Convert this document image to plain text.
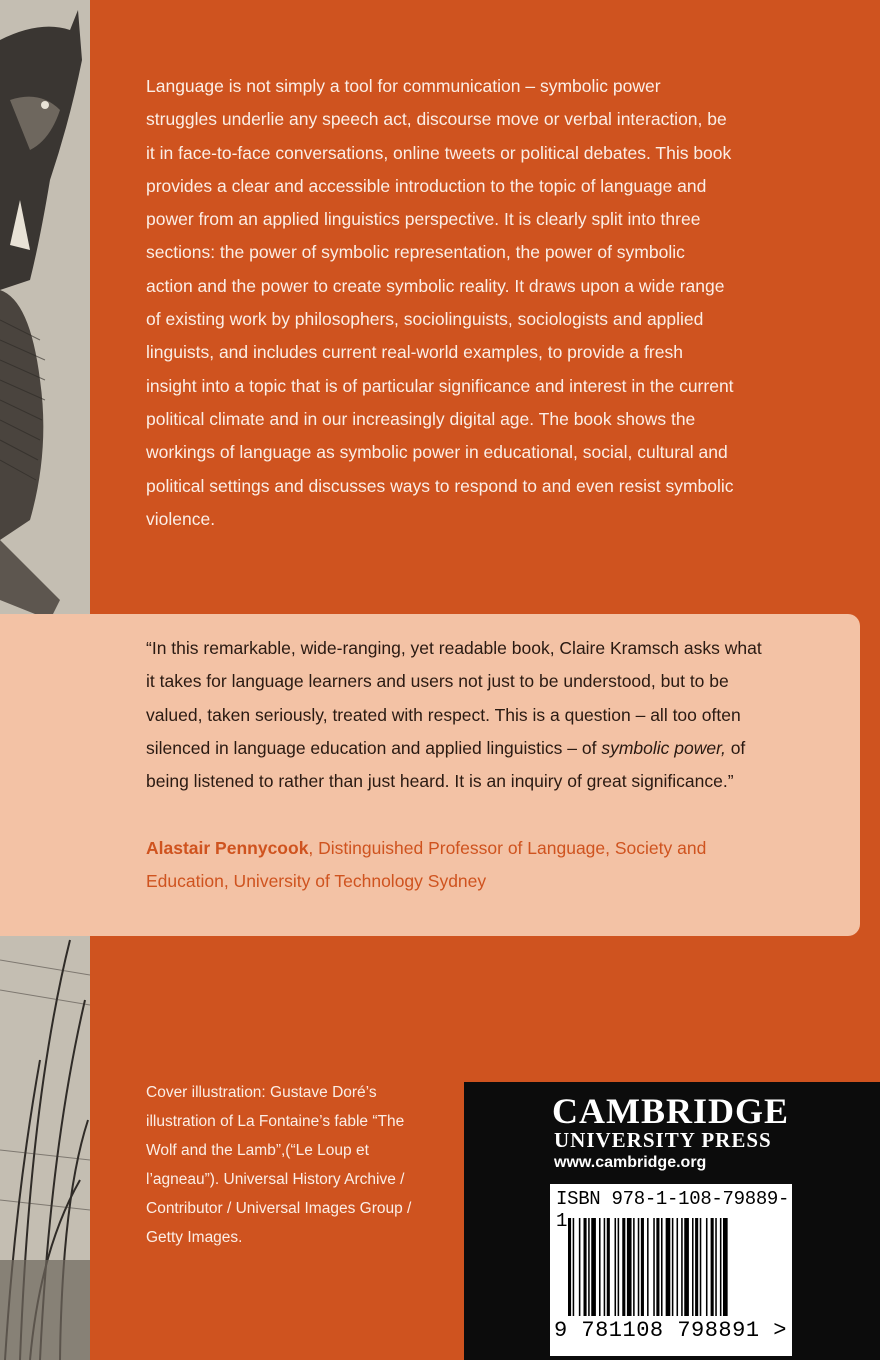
Language is not simply a tool for communication – symbolic power struggles underlie any speech act, discourse move or verbal interaction, be it in face-to-face conversations, online tweets or political debates. This book provides a clear and accessible introduction to the topic of language and power from an applied linguistics perspective. It is clearly split into three sections: the power of symbolic representation, the power of symbolic action and the power to create symbolic reality. It draws upon a wide range of existing work by philosophers, sociolinguists, sociologists and applied linguists, and includes current real-world examples, to provide a fresh insight into a topic that is of particular significance and interest in the current political climate and in our increasingly digital age. The book shows the workings of language as symbolic power in educational, social, cultural and political settings and discusses ways to respond to and even resist symbolic violence.

“In this remarkable, wide-ranging, yet readable book, Claire Kramsch asks what it takes for language learners and users not just to be understood, but to be valued, taken seriously, treated with respect. This is a question – all too often silenced in language education and applied linguistics – of symbolic power, of being listened to rather than just heard. It is an inquiry of great significance.”

Alastair Pennycook, Distinguished Professor of Language, Society and Education, University of Technology Sydney

Cover illustration: Gustave Doré’s illustration of La Fontaine’s fable “The Wolf and the Lamb”,(“Le Loup et l’agneau”). Universal History Archive / Contributor / Universal Images Group / Getty Images.

CAMBRIDGE
UNIVERSITY PRESS
www.cambridge.org
ISBN 978-1-108-79889-1
9 781108 798891 >
